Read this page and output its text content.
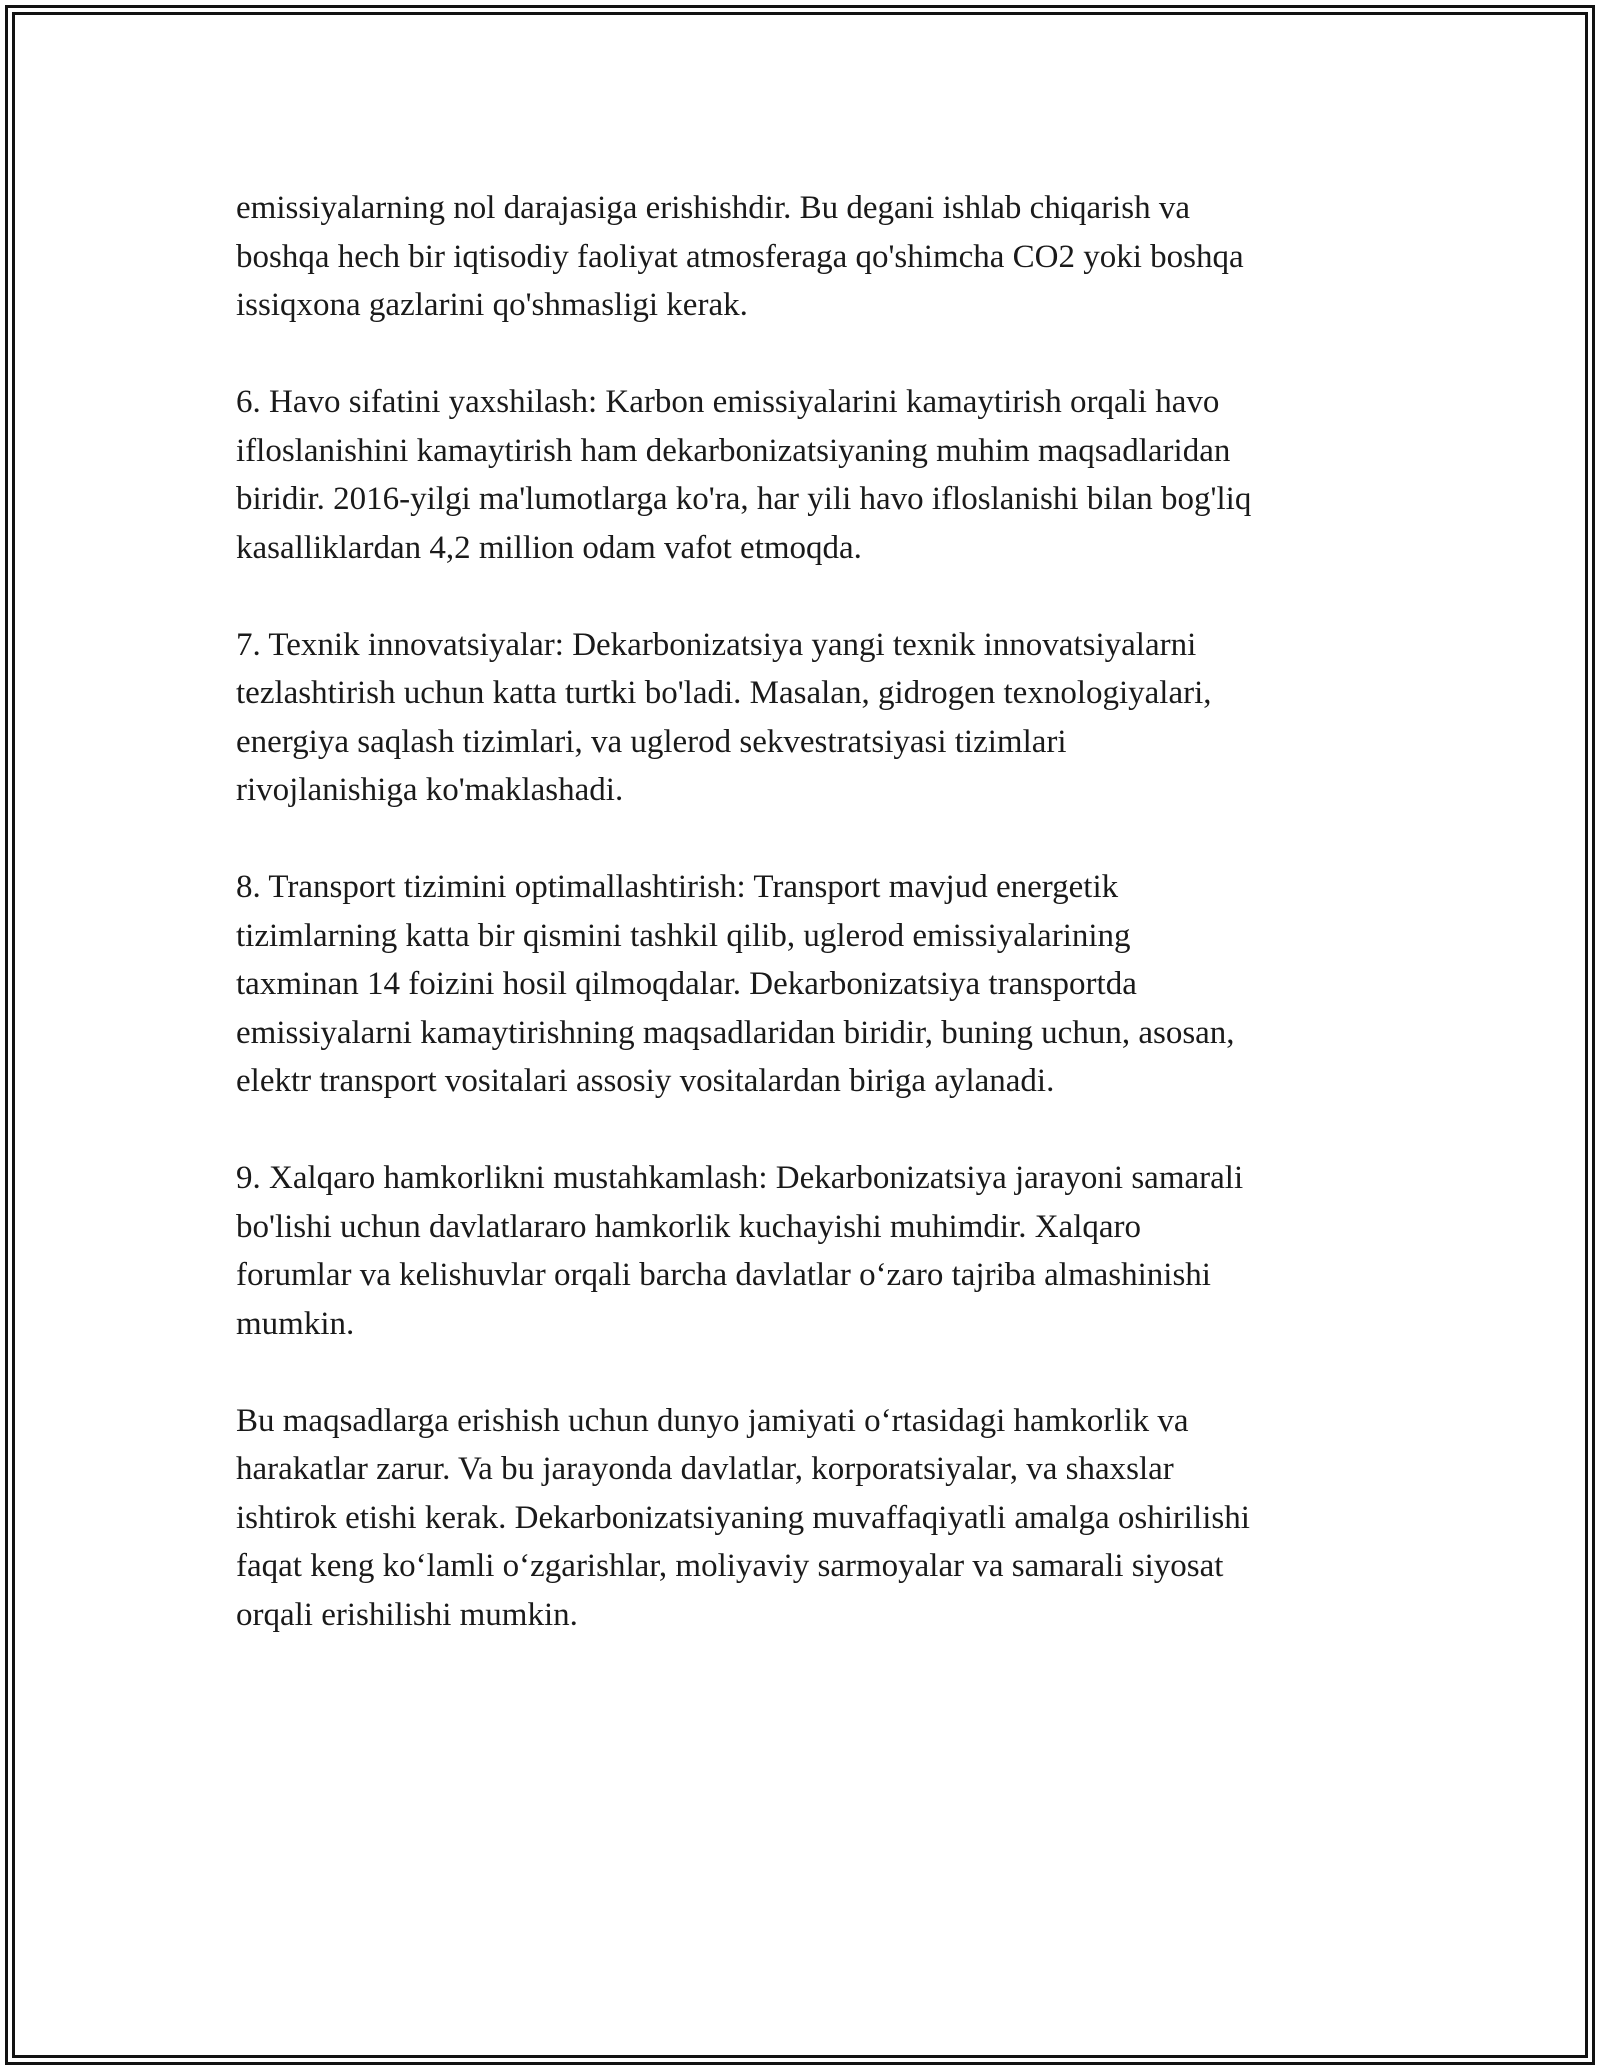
emissiyalarning nol darajasiga erishishdir. Bu degani ishlab chiqarish va
boshqa hech bir iqtisodiy faoliyat atmosferaga qo'shimcha CO2 yoki boshqa
issiqxona gazlarini qo'shmasligi kerak.

6. Havo sifatini yaxshilash: Karbon emissiyalarini kamaytirish orqali havo
ifloslanishini kamaytirish ham dekarbonizatsiyaning muhim maqsadlaridan
biridir. 2016-yilgi ma'lumotlarga ko'ra, har yili havo ifloslanishi bilan bog'liq
kasalliklardan 4,2 million odam vafot etmoqda.

7. Texnik innovatsiyalar: Dekarbonizatsiya yangi texnik innovatsiyalarni
tezlashtirish uchun katta turtki bo'ladi. Masalan, gidrogen texnologiyalari,
energiya saqlash tizimlari, va uglerod sekvestratsiyasi tizimlari
rivojlanishiga ko'maklashadi.

8. Transport tizimini optimallashtirish: Transport mavjud energetik
tizimlarning katta bir qismini tashkil qilib, uglerod emissiyalarining
taxminan 14 foizini hosil qilmoqdalar. Dekarbonizatsiya transportda
emissiyalarni kamaytirishning maqsadlaridan biridir, buning uchun, asosan,
elektr transport vositalari assosiy vositalardan biriga aylanadi.

9. Xalqaro hamkorlikni mustahkamlash: Dekarbonizatsiya jarayoni samarali
bo'lishi uchun davlatlararo hamkorlik kuchayishi muhimdir. Xalqaro
forumlar va kelishuvlar orqali barcha davlatlar o‘zaro tajriba almashinishi
mumkin.

Bu maqsadlarga erishish uchun dunyo jamiyati o‘rtasidagi hamkorlik va
harakatlar zarur. Va bu jarayonda davlatlar, korporatsiyalar, va shaxslar
ishtirok etishi kerak. Dekarbonizatsiyaning muvaffaqiyatli amalga oshirilishi
faqat keng ko‘lamli o‘zgarishlar, moliyaviy sarmoyalar va samarali siyosat
orqali erishilishi mumkin.
